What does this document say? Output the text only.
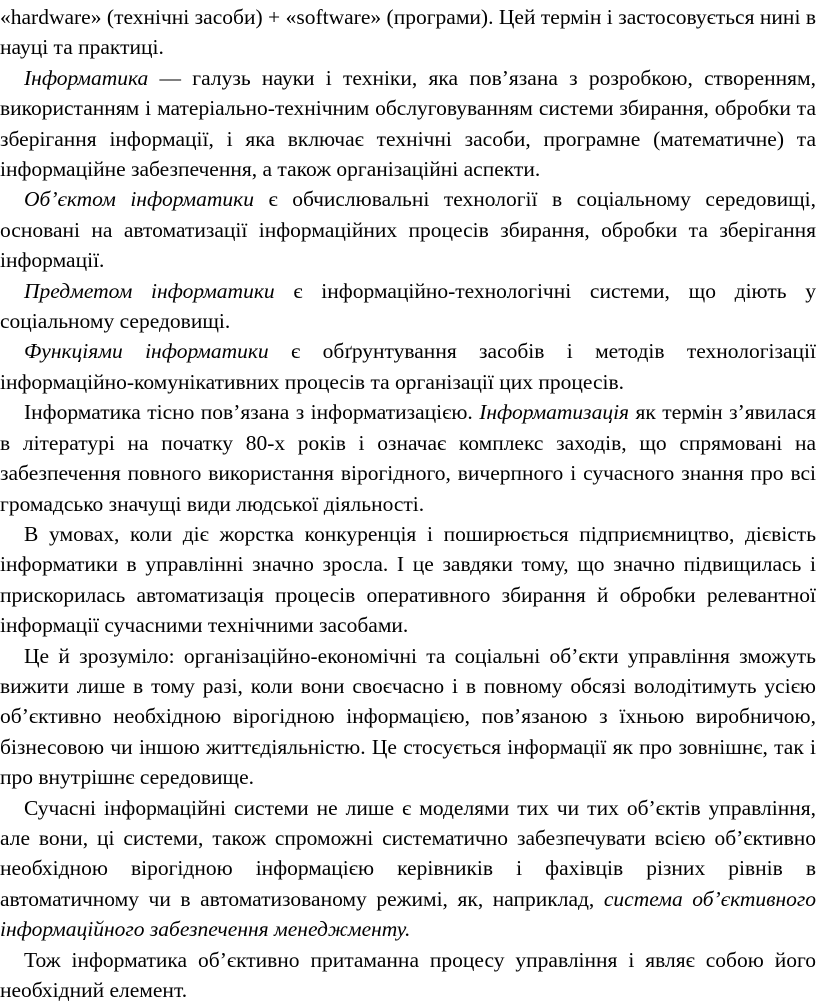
«hardware» (технічні засоби) + «software» (програми). Цей термін і застосовується нині в науці та практиці.

Інформатика — галузь науки і техніки, яка пов’язана з розробкою, створенням, використанням і матеріально-технічним обслуговуванням системи збирання, обробки та зберігання інформації, і яка включає технічні засоби, програмне (математичне) та інформаційне забезпечення, а також організаційні аспекти.

Об’єктом інформатики є обчислювальні технології в соціальному середовищі, основані на автоматизації інформаційних процесів збирання, обробки та зберігання інформації.

Предметом інформатики є інформаційно-технологічні системи, що діють у соціальному середовищі.

Функціями інформатики є обґрунтування засобів і методів технологізації інформаційно-комунікативних процесів та організації цих процесів.

Інформатика тісно пов’язана з інформатизацією. Інформатизація як термін з’явилася в літературі на початку 80-х років і означає комплекс заходів, що спрямовані на забезпечення повного використання вірогідного, вичерпного і сучасного знання про всі громадсько значущі види людської діяльності.

В умовах, коли діє жорстка конкуренція і поширюється підприємництво, дієвість інформатики в управлінні значно зросла. І це завдяки тому, що значно підвищилась і прискорилась автоматизація процесів оперативного збирання й обробки релевантної інформації сучасними технічними засобами.

Це й зрозуміло: організаційно-економічні та соціальні об’єкти управління зможуть вижити лише в тому разі, коли вони своєчасно і в повному обсязі володітимуть усією об’єктивно необхідною вірогідною інформацією, пов’язаною з їхньою виробничою, бізнесовою чи іншою життєдіяльністю. Це стосується інформації як про зовнішнє, так і про внутрішнє середовище.

Сучасні інформаційні системи не лише є моделями тих чи тих об’єктів управління, але вони, ці системи, також спроможні систематично забезпечувати всією об’єктивно необхідною вірогідною інформацією керівників і фахівців різних рівнів в автоматичному чи в автоматизованому режимі, як, наприклад, система об’єктивного інформаційного забезпечення менеджменту.

Тож інформатика об’єктивно притаманна процесу управління і являє собою його необхідний елемент.
